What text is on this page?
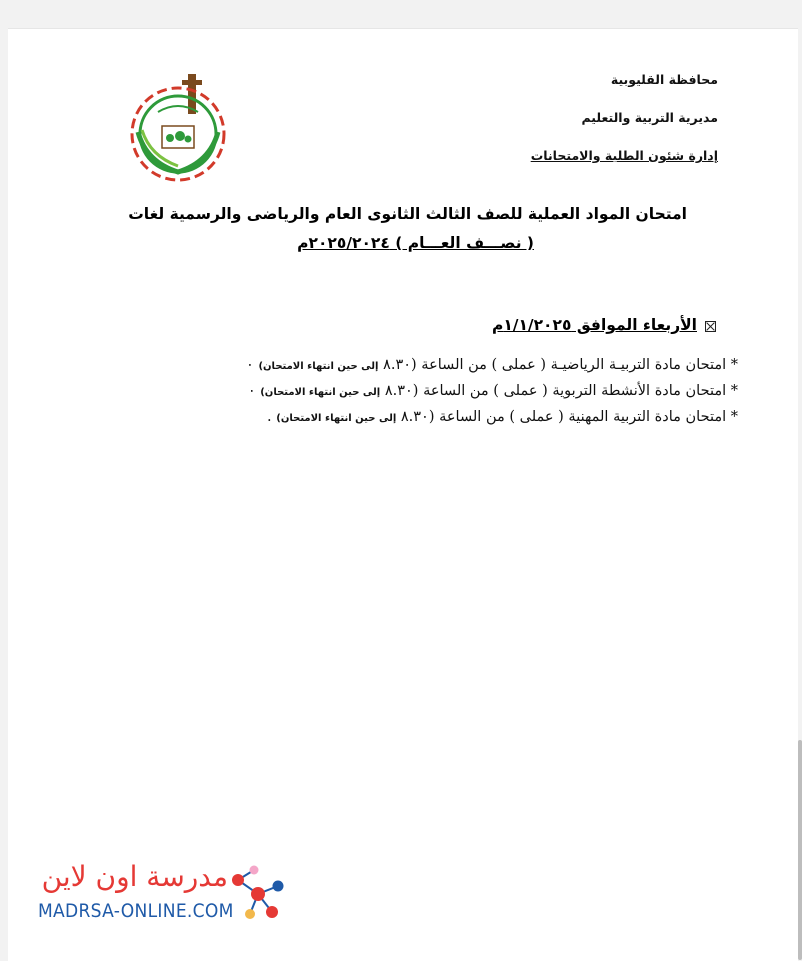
محافظة القليوبية
مديرية التربية والتعليم
إدارة شئون الطلبة والامتحانات
امتحان المواد العملية للصف الثالث الثانوى العام والرياضى والرسمية لغات
( نصـــف العـــام ) ٢٠٢٥/٢٠٢٤م
الأربعاء الموافق ١/١/٢٠٢٥م
* امتحان مادة التربيـة الرياضيـة ( عملى ) من الساعة (٨.٣٠ إلى حين انتهاء الامتحان) ٠
* امتحان مادة الأنشطة التربوية ( عملى ) من الساعة (٨.٣٠ إلى حين انتهاء الامتحان) ٠
* امتحان مادة التربية المهنية ( عملى ) من الساعة (٨.٣٠ إلى حين انتهاء الامتحان) .
مدرسة اون لاين
MADRSA-ONLINE.COM
